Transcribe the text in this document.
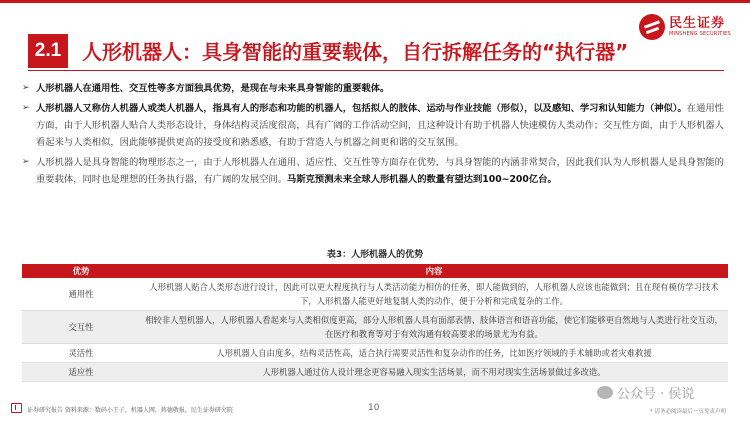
民生证券
MINSHENG SECURITIES
2.1	人形机器人：具身智能的重要载体，自行拆解任务的“执行器”
➢ 人形机器人在通用性、交互性等多方面独具优势，是现在与未来具身智能的重要载体。
➢ 人形机器人又称仿人机器人或类人机器人，指具有人的形态和功能的机器人，包括拟人的肢体、运动与作业技能（形似），以及感知、学习和认知能力（神似）。在通用性方面，由于人形机器人贴合人类形态设计，身体结构灵活度很高，具有广阔的工作活动空间，且这种设计有助于机器人快速模仿人类动作；交互性方面，由于人形机器人看起来与人类相似，因此能够提供更高的接受度和熟悉感，有助于营造人与机器之间更和谐的交互氛围。
➢ 人形机器人是具身智能的物理形态之一，由于人形机器人在通用、适应性、交互性等方面存在优势，与具身智能的内涵非常契合，因此我们认为人形机器人是具身智能的重要载体，同时也是理想的任务执行器，有广阔的发展空间。马斯克预测未来全球人形机器人的数量有望达到100~200亿台。
表3：人形机器人的优势
优势	内容
通用性	人形机器人贴合人类形态进行设计，因此可以更大程度执行与人类活动能力相仿的任务，即人能做到的，人形机器人应该也能做到；且在现有模仿学习技术下，人形机器人能更好地复制人类的动作，便于分析和完成复杂的工作。
交互性	相较非人型机器人，人形机器人看起来与人类相似度更高，部分人形机器人具有面部表情、肢体语言和语音功能，使它们能够更自然地与人类进行社交互动，在医疗和教育等对于有效沟通有较高要求的场景尤为有益。
灵活性	人形机器人自由度多，结构灵活性高，适合执行需要灵活性和复杂动作的任务，比如医疗领域的手术辅助或者灾难救援
适应性	人形机器人通过仿人设计理念更容易融入现实生活场景，而不用对现实生活场景做过多改造。
证券研究报告 资料来源：数码小王子，机器人网，蒋德敬报，民生证券研究院	10
公众号 · 侯说
* 请务必阅读最后一页免责声明
